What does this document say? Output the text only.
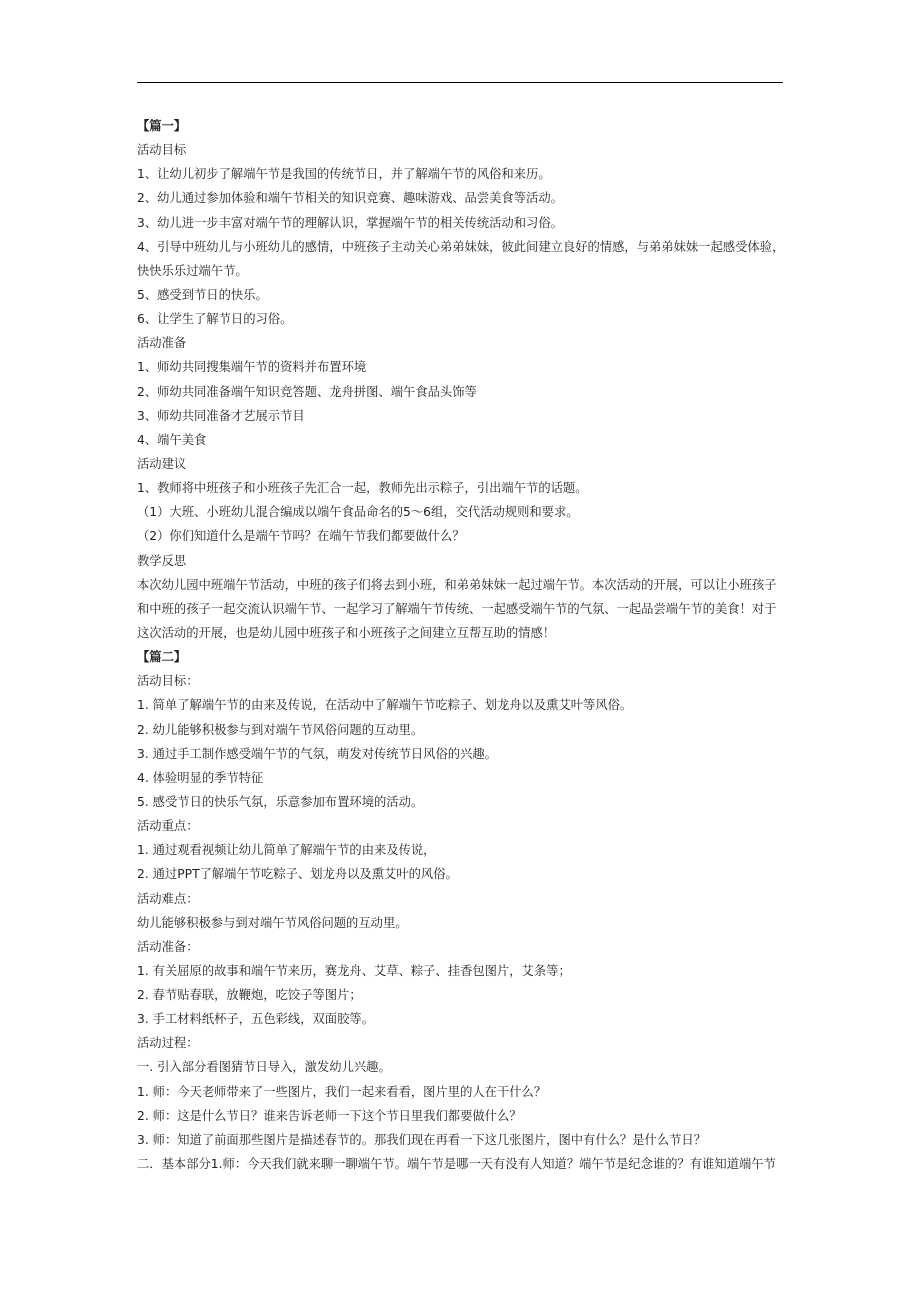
【篇一】
活动目标
1、让幼儿初步了解端午节是我国的传统节日，并了解端午节的风俗和来历。
2、幼儿通过参加体验和端午节相关的知识竞赛、趣味游戏、品尝美食等活动。
3、幼儿进一步丰富对端午节的理解认识，掌握端午节的相关传统活动和习俗。
4、引导中班幼儿与小班幼儿的感情，中班孩子主动关心弟弟妹妹，彼此间建立良好的情感，与弟弟妹妹一起感受体验，
快快乐乐过端午节。
5、感受到节日的快乐。
6、让学生了解节日的习俗。
活动准备
1、师幼共同搜集端午节的资料并布置环境
2、师幼共同准备端午知识竞答题、龙舟拼图、端午食品头饰等
3、师幼共同准备才艺展示节目
4、端午美食
活动建议
1、教师将中班孩子和小班孩子先汇合一起，教师先出示粽子，引出端午节的话题。
（1）大班、小班幼儿混合编成以端午食品命名的5～6组，交代活动规则和要求。
（2）你们知道什么是端午节吗？在端午节我们都要做什么？
教学反思
本次幼儿园中班端午节活动，中班的孩子们将去到小班，和弟弟妹妹一起过端午节。本次活动的开展，可以让小班孩子
和中班的孩子一起交流认识端午节、一起学习了解端午节传统、一起感受端午节的气氛、一起品尝端午节的美食！对于
这次活动的开展，也是幼儿园中班孩子和小班孩子之间建立互帮互助的情感！
【篇二】
活动目标：
1. 简单了解端午节的由来及传说，在活动中了解端午节吃粽子、划龙舟以及熏艾叶等风俗。
2. 幼儿能够积极参与到对端午节风俗问题的互动里。
3. 通过手工制作感受端午节的气氛，萌发对传统节日风俗的兴趣。
4. 体验明显的季节特征
5. 感受节日的快乐气氛，乐意参加布置环境的活动。
活动重点：
1. 通过观看视频让幼儿简单了解端午节的由来及传说，
2. 通过PPT了解端午节吃粽子、划龙舟以及熏艾叶的风俗。
活动难点：
幼儿能够积极参与到对端午节风俗问题的互动里。
活动准备：
1. 有关屈原的故事和端午节来历，赛龙舟、艾草、粽子、挂香包图片，艾条等；
2. 春节贴春联，放鞭炮，吃饺子等图片；
3. 手工材料纸杯子，五色彩线，双面胶等。
活动过程：
一. 引入部分看图猜节日导入，激发幼儿兴趣。
1. 师：今天老师带来了一些图片，我们一起来看看，图片里的人在干什么？
2. 师：这是什么节日？谁来告诉老师一下这个节日里我们都要做什么？
3. 师：知道了前面那些图片是描述春节的。那我们现在再看一下这几张图片，图中有什么？是什么节日？
二．基本部分1.师：今天我们就来聊一聊端午节。端午节是哪一天有没有人知道？端午节是纪念谁的？有谁知道端午节
